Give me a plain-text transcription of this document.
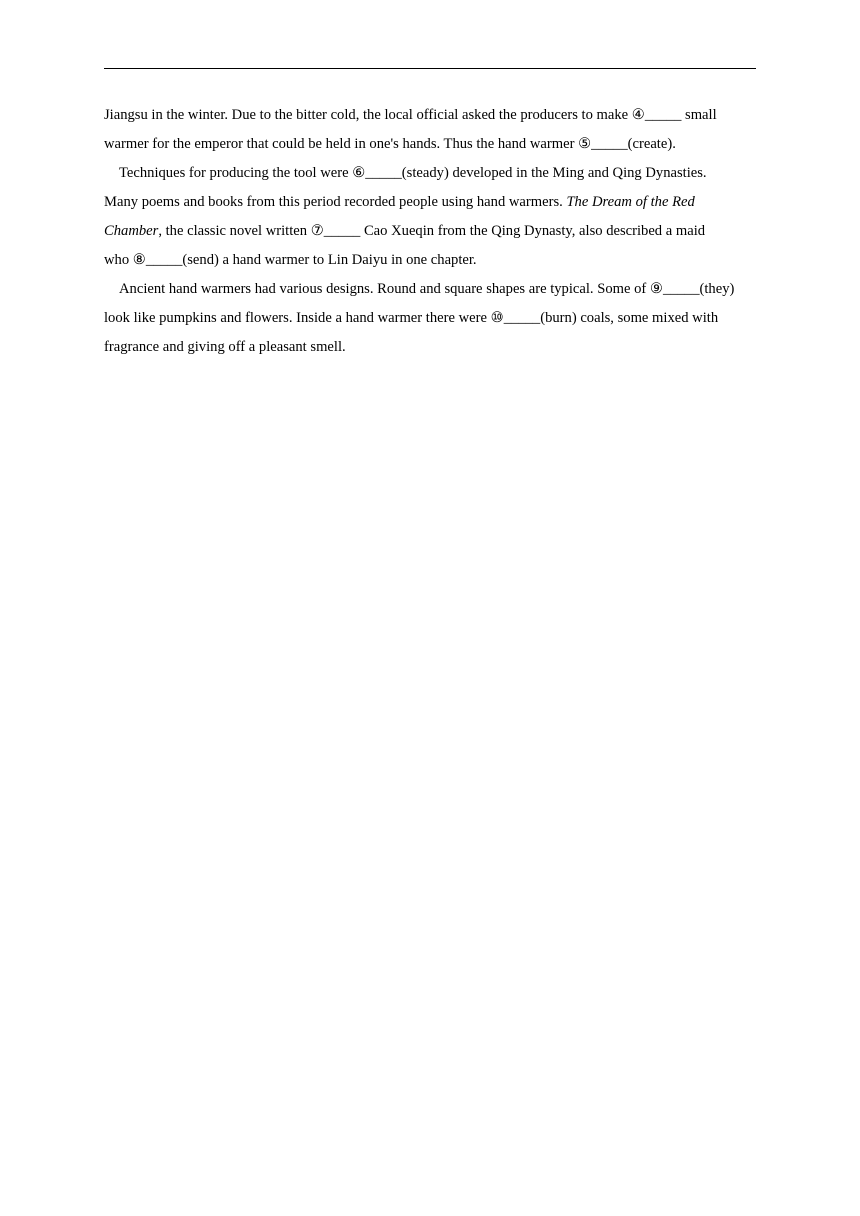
Jiangsu in the winter. Due to the bitter cold, the local official asked the producers to make ④_____ small
warmer for the emperor that could be held in one's hands. Thus the hand warmer ⑤_____(create).
Techniques for producing the tool were ⑥_____(steady) developed in the Ming and Qing Dynasties.
Many poems and books from this period recorded people using hand warmers. The Dream of the Red
Chamber, the classic novel written ⑦_____ Cao Xueqin from the Qing Dynasty, also described a maid
who ⑧_____(send) a hand warmer to Lin Daiyu in one chapter.
Ancient hand warmers had various designs. Round and square shapes are typical. Some of ⑨_____(they)
look like pumpkins and flowers. Inside a hand warmer there were ⑩_____(burn) coals, some mixed with
fragrance and giving off a pleasant smell.
